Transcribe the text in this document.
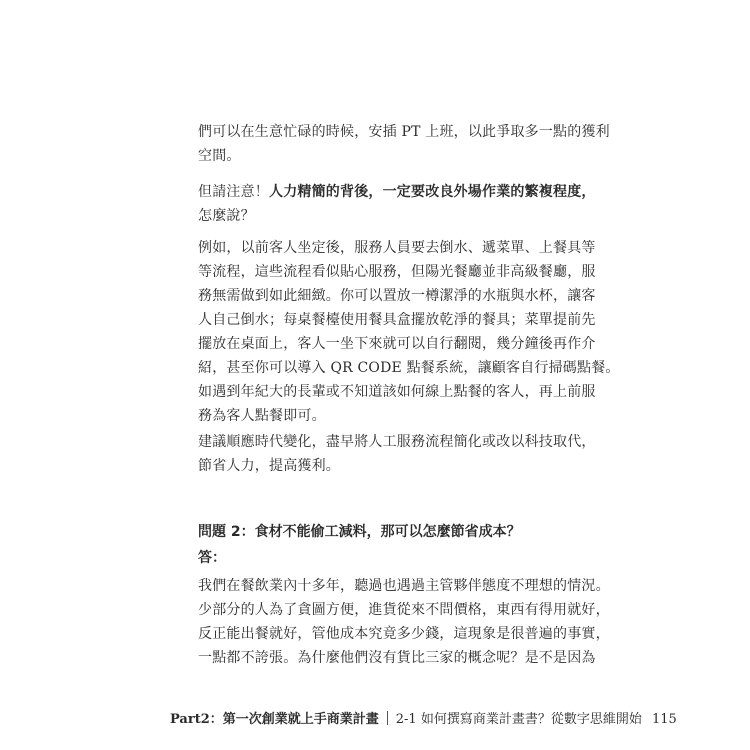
們可以在生意忙碌的時候，安插 PT 上班，以此爭取多一點的獲利
空間。

但請注意！人力精簡的背後，一定要改良外場作業的繁複程度，
怎麼說？

例如，以前客人坐定後，服務人員要去倒水、遞菜單、上餐具等
等流程，這些流程看似貼心服務，但陽光餐廳並非高級餐廳，服
務無需做到如此細緻。你可以置放一樽潔淨的水瓶與水杯，讓客
人自己倒水；每桌餐檯使用餐具盒擺放乾淨的餐具；菜單提前先
擺放在桌面上，客人一坐下來就可以自行翻閱，幾分鐘後再作介
紹，甚至你可以導入 QR CODE 點餐系統，讓顧客自行掃碼點餐。
如遇到年紀大的長輩或不知道該如何線上點餐的客人，再上前服
務為客人點餐即可。

建議順應時代變化，盡早將人工服務流程簡化或改以科技取代，
節省人力，提高獲利。

問題 2：食材不能偷工減料，那可以怎麼節省成本？
答：

我們在餐飲業內十多年，聽過也遇過主管夥伴態度不理想的情況。
少部分的人為了貪圖方便，進貨從來不問價格，東西有得用就好，
反正能出餐就好，管他成本究竟多少錢，這現象是很普遍的事實，
一點都不誇張。為什麼他們沒有貨比三家的概念呢？是不是因為

Part2：第一次創業就上手商業計畫 2-1 如何撰寫商業計畫書？從數字思維開始 115
